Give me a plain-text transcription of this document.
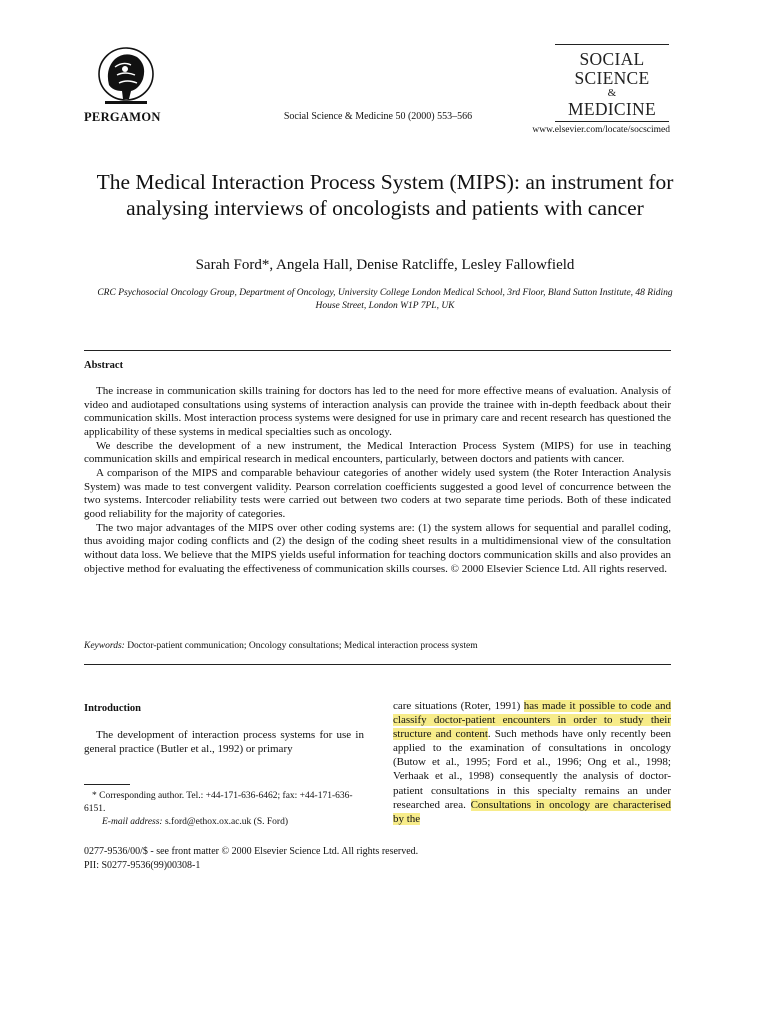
PERGAMON	Social Science & Medicine 50 (2000) 553–566
SOCIAL
SCIENCE
&
MEDICINE
www.elsevier.com/locate/socscimed
The Medical Interaction Process System (MIPS): an instrument for analysing interviews of oncologists and patients with cancer
Sarah Ford*, Angela Hall, Denise Ratcliffe, Lesley Fallowfield
CRC Psychosocial Oncology Group, Department of Oncology, University College London Medical School, 3rd Floor, Bland Sutton Institute, 48 Riding House Street, London W1P 7PL, UK
Abstract

The increase in communication skills training for doctors has led to the need for more effective means of evaluation. Analysis of video and audiotaped consultations using systems of interaction analysis can provide the trainee with in-depth feedback about their communication skills. Most interaction process systems were designed for use in primary care and recent research has questioned the applicability of these systems in medical specialties such as oncology.

We describe the development of a new instrument, the Medical Interaction Process System (MIPS) for use in teaching communication skills and empirical research in medical encounters, particularly, between doctors and patients with cancer.

A comparison of the MIPS and comparable behaviour categories of another widely used system (the Roter Interaction Analysis System) was made to test convergent validity. Pearson correlation coefficients suggested a good level of concurrence between the two systems. Intercoder reliability tests were carried out between two coders at two separate time periods. Both of these indicated good reliability for the majority of categories.

The two major advantages of the MIPS over other coding systems are: (1) the system allows for sequential and parallel coding, thus avoiding major coding conflicts and (2) the design of the coding sheet results in a multidimensional view of the consultation without data loss. We believe that the MIPS yields useful information for teaching doctors communication skills and also provides an objective method for evaluating the effectiveness of communication skills courses. © 2000 Elsevier Science Ltd. All rights reserved.

Keywords: Doctor-patient communication; Oncology consultations; Medical interaction process system
Introduction

The development of interaction process systems for use in general practice (Butler et al., 1992) or primary

* Corresponding author. Tel.: +44-171-636-6462; fax: +44-171-636-6151.

E-mail address: s.ford@ethox.ox.ac.uk (S. Ford)

0277-9536/00/$ - see front matter © 2000 Elsevier Science Ltd. All rights reserved.
PII: S0277-9536(99)00308-1
care situations (Roter, 1991) has made it possible to code and classify doctor-patient encounters in order to study their structure and content. Such methods have only recently been applied to the examination of consultations in oncology (Butow et al., 1995; Ford et al., 1996; Ong et al., 1998; Verhaak et al., 1998) consequently the analysis of doctor-patient consultations in this specialty remains an under researched area. Consultations in oncology are characterised by the
